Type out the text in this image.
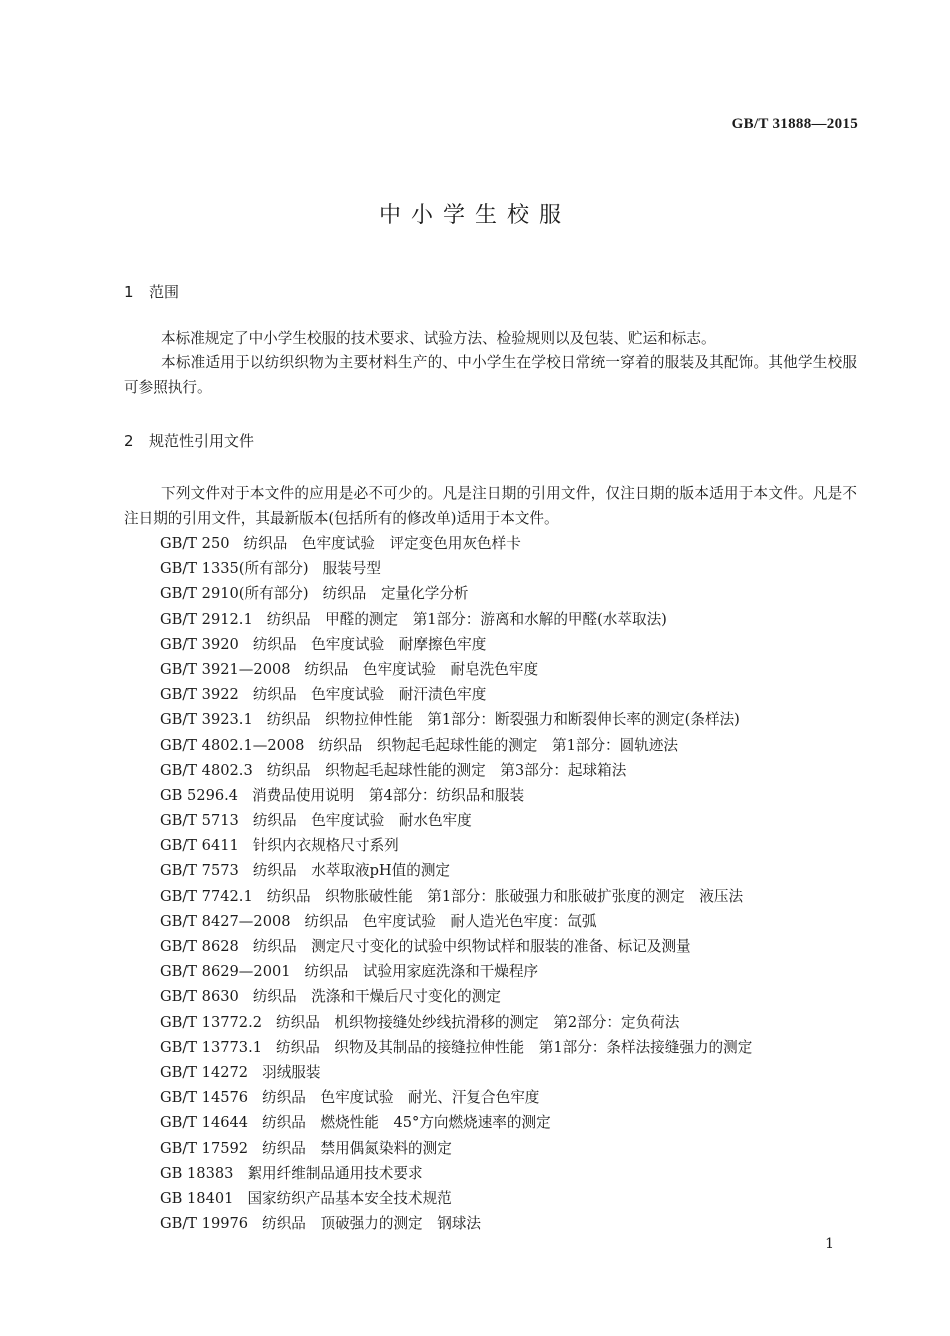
GB/T 31888—2015
中小学生校服
1 范围
本标准规定了中小学生校服的技术要求、试验方法、检验规则以及包装、贮运和标志。
本标准适用于以纺织织物为主要材料生产的、中小学生在学校日常统一穿着的服装及其配饰。其他学生校服可参照执行。
2 规范性引用文件
下列文件对于本文件的应用是必不可少的。凡是注日期的引用文件，仅注日期的版本适用于本文件。凡是不注日期的引用文件，其最新版本(包括所有的修改单)适用于本文件。
GB/T 250 纺织品　色牢度试验　评定变色用灰色样卡
GB/T 1335(所有部分) 服装号型
GB/T 2910(所有部分) 纺织品　定量化学分析
GB/T 2912.1 纺织品　甲醛的测定　第1部分：游离和水解的甲醛(水萃取法)
GB/T 3920 纺织品　色牢度试验　耐摩擦色牢度
GB/T 3921—2008 纺织品　色牢度试验　耐皂洗色牢度
GB/T 3922 纺织品　色牢度试验　耐汗渍色牢度
GB/T 3923.1 纺织品　织物拉伸性能　第1部分：断裂强力和断裂伸长率的测定(条样法)
GB/T 4802.1—2008 纺织品　织物起毛起球性能的测定　第1部分：圆轨迹法
GB/T 4802.3 纺织品　织物起毛起球性能的测定　第3部分：起球箱法
GB 5296.4 消费品使用说明　第4部分：纺织品和服装
GB/T 5713 纺织品　色牢度试验　耐水色牢度
GB/T 6411 针织内衣规格尺寸系列
GB/T 7573 纺织品　水萃取液pH值的测定
GB/T 7742.1 纺织品　织物胀破性能　第1部分：胀破强力和胀破扩张度的测定　液压法
GB/T 8427—2008 纺织品　色牢度试验　耐人造光色牢度：氙弧
GB/T 8628 纺织品　测定尺寸变化的试验中织物试样和服装的准备、标记及测量
GB/T 8629—2001 纺织品　试验用家庭洗涤和干燥程序
GB/T 8630 纺织品　洗涤和干燥后尺寸变化的测定
GB/T 13772.2 纺织品　机织物接缝处纱线抗滑移的测定　第2部分：定负荷法
GB/T 13773.1 纺织品　织物及其制品的接缝拉伸性能　第1部分：条样法接缝强力的测定
GB/T 14272 羽绒服装
GB/T 14576 纺织品　色牢度试验　耐光、汗复合色牢度
GB/T 14644 纺织品　燃烧性能　45°方向燃烧速率的测定
GB/T 17592 纺织品　禁用偶氮染料的测定
GB 18383 絮用纤维制品通用技术要求
GB 18401 国家纺织产品基本安全技术规范
GB/T 19976 纺织品　顶破强力的测定　钢球法
1
